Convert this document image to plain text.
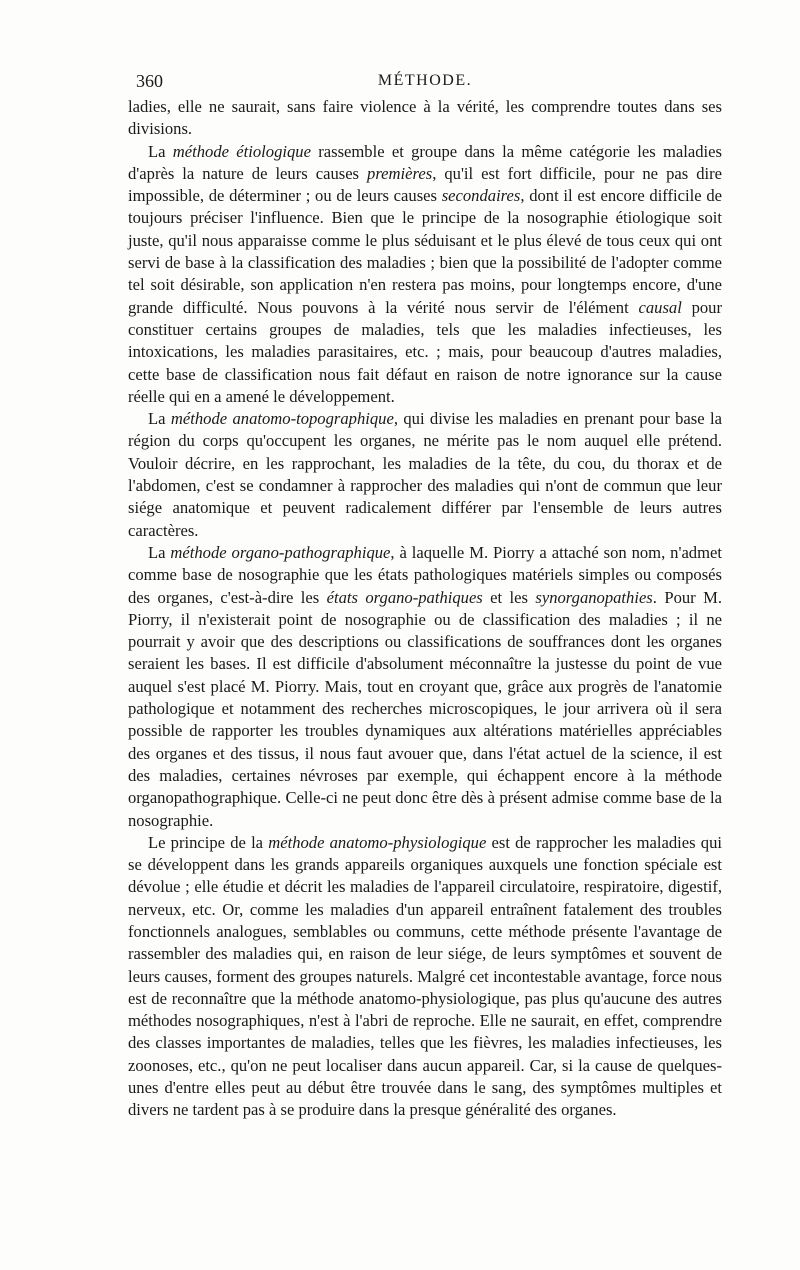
360	MÉTHODE.

ladies, elle ne saurait, sans faire violence à la vérité, les comprendre toutes dans ses divisions.

La méthode étiologique rassemble et groupe dans la même catégorie les maladies d'après la nature de leurs causes premières, qu'il est fort difficile, pour ne pas dire impossible, de déterminer ; ou de leurs causes secondaires, dont il est encore difficile de toujours préciser l'influence. Bien que le principe de la nosographie étiologique soit juste, qu'il nous apparaisse comme le plus séduisant et le plus élevé de tous ceux qui ont servi de base à la classification des maladies ; bien que la possibilité de l'adopter comme tel soit désirable, son application n'en restera pas moins, pour longtemps encore, d'une grande difficulté. Nous pouvons à la vérité nous servir de l'élément causal pour constituer certains groupes de maladies, tels que les maladies infectieuses, les intoxications, les maladies parasitaires, etc. ; mais, pour beaucoup d'autres maladies, cette base de classification nous fait défaut en raison de notre ignorance sur la cause réelle qui en a amené le développement.

La méthode anatomo-topographique, qui divise les maladies en prenant pour base la région du corps qu'occupent les organes, ne mérite pas le nom auquel elle prétend. Vouloir décrire, en les rapprochant, les maladies de la tête, du cou, du thorax et de l'abdomen, c'est se condamner à rapprocher des maladies qui n'ont de commun que leur siége anatomique et peuvent radicalement différer par l'ensemble de leurs autres caractères.

La méthode organo-pathographique, à laquelle M. Piorry a attaché son nom, n'admet comme base de nosographie que les états pathologiques matériels simples ou composés des organes, c'est-à-dire les états organo-pathiques et les synorganopathies. Pour M. Piorry, il n'existerait point de nosographie ou de classification des maladies ; il ne pourrait y avoir que des descriptions ou classifications de souffrances dont les organes seraient les bases. Il est difficile d'absolument méconnaître la justesse du point de vue auquel s'est placé M. Piorry. Mais, tout en croyant que, grâce aux progrès de l'anatomie pathologique et notamment des recherches microscopiques, le jour arrivera où il sera possible de rapporter les troubles dynamiques aux altérations matérielles appréciables des organes et des tissus, il nous faut avouer que, dans l'état actuel de la science, il est des maladies, certaines névroses par exemple, qui échappent encore à la méthode organopathographique. Celle-ci ne peut donc être dès à présent admise comme base de la nosographie.

Le principe de la méthode anatomo-physiologique est de rapprocher les maladies qui se développent dans les grands appareils organiques auxquels une fonction spéciale est dévolue ; elle étudie et décrit les maladies de l'appareil circulatoire, respiratoire, digestif, nerveux, etc. Or, comme les maladies d'un appareil entraînent fatalement des troubles fonctionnels analogues, semblables ou communs, cette méthode présente l'avantage de rassembler des maladies qui, en raison de leur siége, de leurs symptômes et souvent de leurs causes, forment des groupes naturels. Malgré cet incontestable avantage, force nous est de reconnaître que la méthode anatomo-physiologique, pas plus qu'aucune des autres méthodes nosographiques, n'est à l'abri de reproche. Elle ne saurait, en effet, comprendre des classes importantes de maladies, telles que les fièvres, les maladies infectieuses, les zoonoses, etc., qu'on ne peut localiser dans aucun appareil. Car, si la cause de quelques-unes d'entre elles peut au début être trouvée dans le sang, des symptômes multiples et divers ne tardent pas à se produire dans la presque généralité des organes.
